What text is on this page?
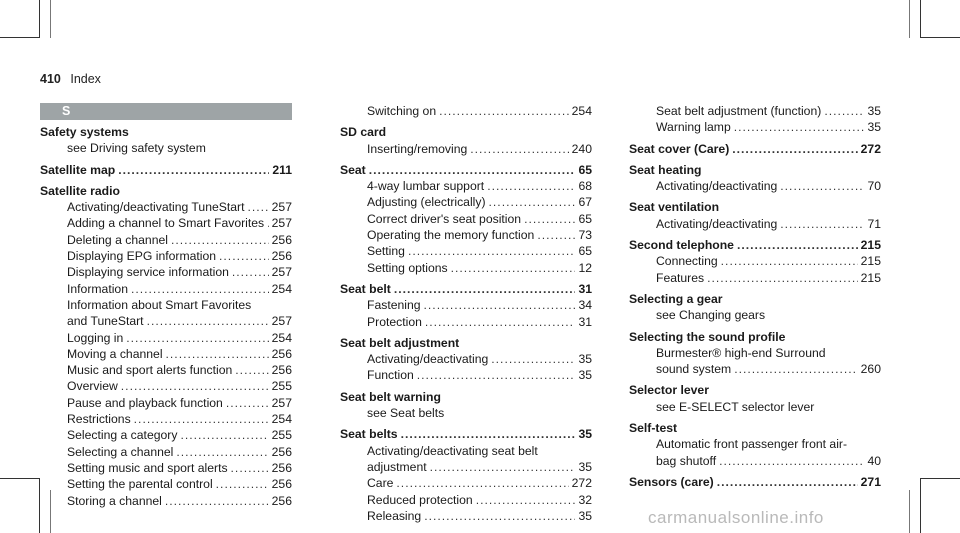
410 Index
S
Safety systems
see Driving safety system
Satellite map .....	211
Satellite radio
Activating/deactivating TuneStart ..... 257
Adding a channel to Smart Favorites ..... 257
Deleting a channel .....	256
Displaying EPG information .....	256
Displaying service information .....	257
Information .....	254
Information about Smart Favorites
and TuneStart .....	257
Logging in .....	254
Moving a channel .....	256
Music and sport alerts function .....	256
Overview .....	255
Pause and playback function .....	257
Restrictions .....	254
Selecting a category .....	255
Selecting a channel .....	256
Setting music and sport alerts .....	256
Setting the parental control .....	256
Storing a channel .....	256
Switching on .....	254
SD card
Inserting/removing .....	240
Seat .....	65
4-way lumbar support .....	68
Adjusting (electrically) .....	67
Correct driver's seat position .....	65
Operating the memory function .....	73
Setting .....	65
Setting options .....	12
Seat belt .....	31
Fastening .....	34
Protection .....	31
Seat belt adjustment
Activating/deactivating .....	35
Function .....	35
Seat belt warning
see Seat belts
Seat belts .....	35
Activating/deactivating seat belt
adjustment .....	35
Care .....	272
Reduced protection .....	32
Releasing .....	35
Seat belt adjustment (function) .....	35
Warning lamp .....	35
Seat cover (Care) .....	272
Seat heating
Activating/deactivating .....	70
Seat ventilation
Activating/deactivating .....	71
Second telephone .....	215
Connecting .....	215
Features .....	215
Selecting a gear
see Changing gears
Selecting the sound profile
Burmester® high-end Surround
sound system .....	260
Selector lever
see E-SELECT selector lever
Self-test
Automatic front passenger front air-
bag shutoff .....	40
Sensors (care) .....	271
carmanualsonline.info
